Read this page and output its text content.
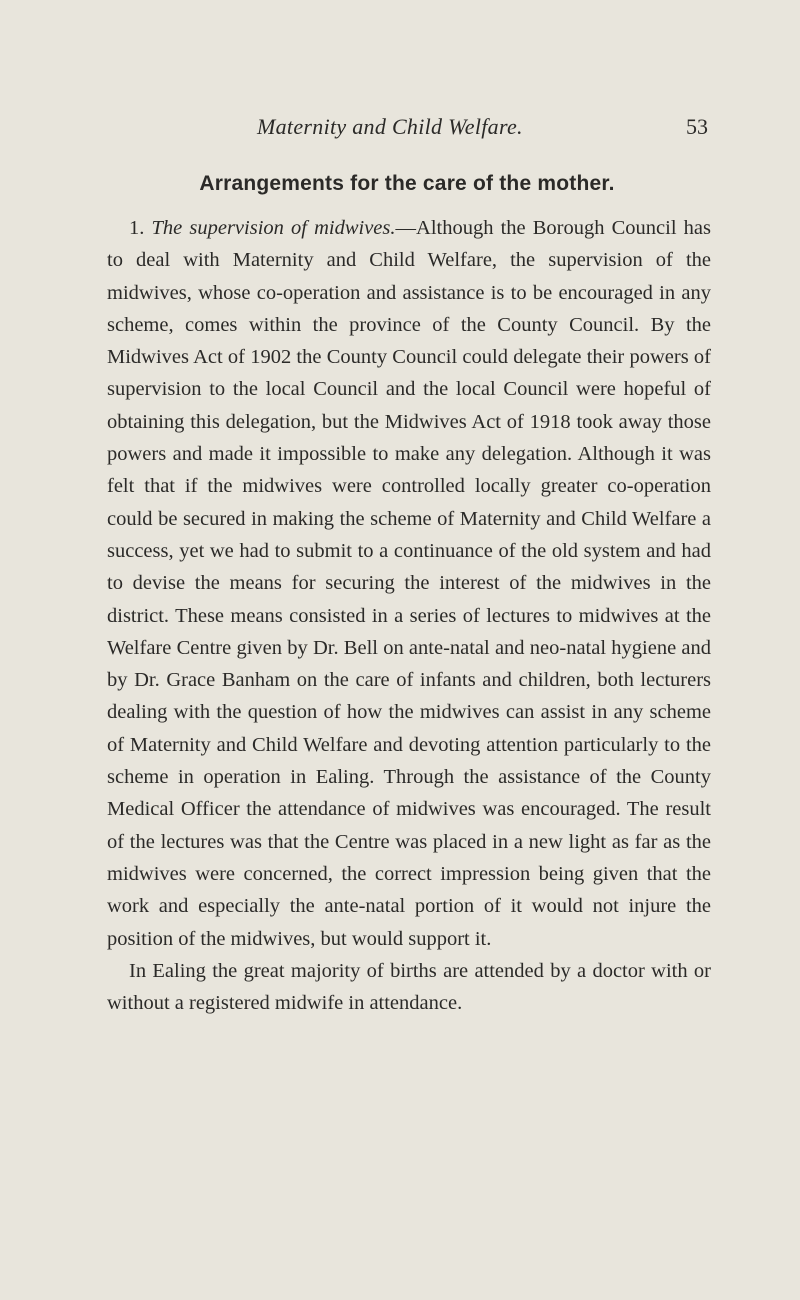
Maternity and Child Welfare.	53
Arrangements for the care of the mother.

1. The supervision of midwives.—Although the Borough Council has to deal with Maternity and Child Welfare, the supervision of the midwives, whose co-operation and assistance is to be encouraged in any scheme, comes within the province of the County Council. By the Midwives Act of 1902 the County Council could delegate their powers of supervision to the local Council and the local Council were hopeful of obtaining this delegation, but the Midwives Act of 1918 took away those powers and made it impossible to make any delegation. Although it was felt that if the midwives were controlled locally greater co-operation could be secured in making the scheme of Maternity and Child Welfare a success, yet we had to submit to a continuance of the old system and had to devise the means for securing the interest of the midwives in the district. These means consisted in a series of lectures to midwives at the Welfare Centre given by Dr. Bell on ante-natal and neo-natal hygiene and by Dr. Grace Banham on the care of infants and children, both lecturers dealing with the question of how the midwives can assist in any scheme of Maternity and Child Welfare and devoting attention particularly to the scheme in operation in Ealing. Through the assistance of the County Medical Officer the attendance of midwives was encouraged. The result of the lectures was that the Centre was placed in a new light as far as the midwives were concerned, the correct impression being given that the work and especially the ante-natal portion of it would not injure the position of the midwives, but would support it.

In Ealing the great majority of births are attended by a doctor with or without a registered midwife in attendance.
